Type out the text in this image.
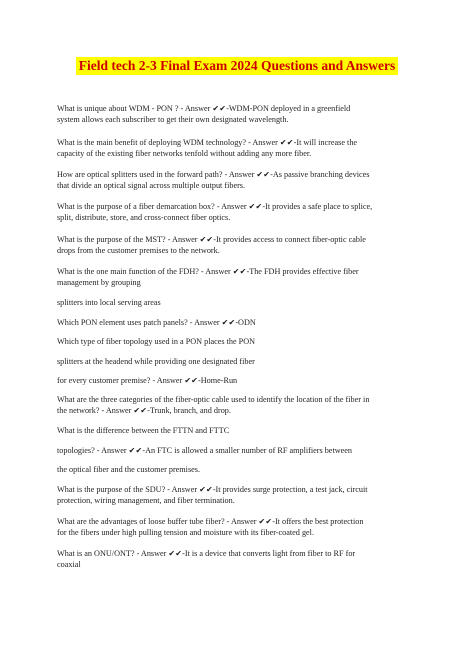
Field tech 2-3 Final Exam 2024 Questions and Answers
What is unique about WDM - PON ? - Answer ✔✔-WDM-PON deployed in a greenfield
system allows each subscriber to get their own designated wavelength.
What is the main benefit of deploying WDM technology? - Answer ✔✔-It will increase the
capacity of the existing fiber networks tenfold without adding any more fiber.
How are optical splitters used in the forward path? - Answer ✔✔-As passive branching devices
that divide an optical signal across multiple output fibers.
What is the purpose of a fiber demarcation box? - Answer ✔✔-It provides a safe place to splice,
split, distribute, store, and cross-connect fiber optics.
What is the purpose of the MST? - Answer ✔✔-It provides access to connect fiber-optic cable
drops from the customer premises to the network.
What is the one main function of the FDH? - Answer ✔✔-The FDH provides effective fiber
management by grouping
splitters into local serving areas
Which PON element uses patch panels? - Answer ✔✔-ODN
Which type of fiber topology used in a PON places the PON
splitters at the headend while providing one designated fiber
for every customer premise? - Answer ✔✔-Home-Run
What are the three categories of the fiber-optic cable used to identify the location of the fiber in
the network? - Answer ✔✔-Trunk, branch, and drop.
What is the difference between the FTTN and FTTC
topologies? - Answer ✔✔-An FTC is allowed a smaller number of RF amplifiers between
the optical fiber and the customer premises.
What is the purpose of the SDU? - Answer ✔✔-It provides surge protection, a test jack, circuit
protection, wiring management, and fiber termination.
What are the advantages of loose buffer tube fiber? - Answer ✔✔-It offers the best protection
for the fibers under high pulling tension and moisture with its fiber-coated gel.
What is an ONU/ONT? - Answer ✔✔-It is a device that converts light from fiber to RF for
coaxial
